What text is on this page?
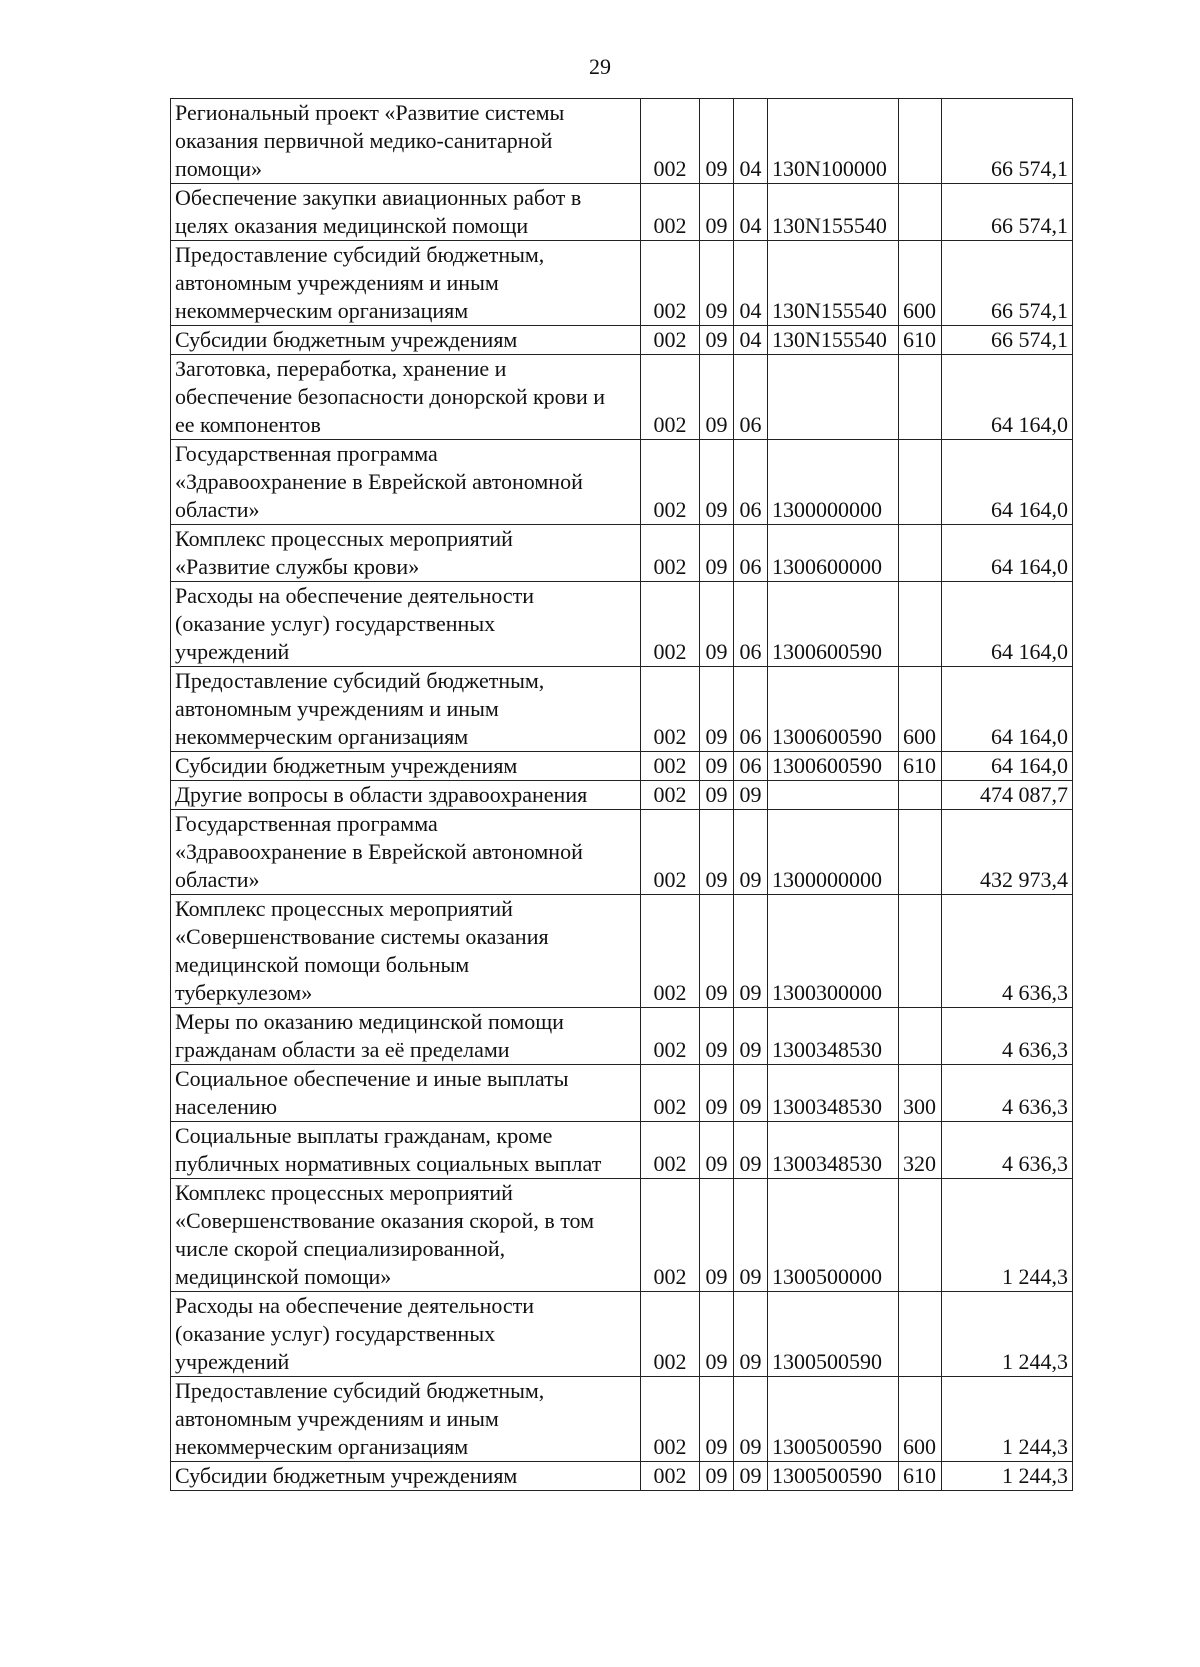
29
Региональный проект «Развитие системы
оказания первичной медико-санитарной
помощи»	002	09	04	130N100000		66 574,1
Обеспечение закупки авиационных работ в
целях оказания медицинской помощи	002	09	04	130N155540		66 574,1
Предоставление субсидий бюджетным,
автономным учреждениям и иным
некоммерческим организациям	002	09	04	130N155540	600	66 574,1
Субсидии бюджетным учреждениям	002	09	04	130N155540	610	66 574,1
Заготовка, переработка, хранение и
обеспечение безопасности донорской крови и
ее компонентов	002	09	06			64 164,0
Государственная программа
«Здравоохранение в Еврейской автономной
области»	002	09	06	1300000000		64 164,0
Комплекс процессных мероприятий
«Развитие службы крови»	002	09	06	1300600000		64 164,0
Расходы на обеспечение деятельности
(оказание услуг) государственных
учреждений	002	09	06	1300600590		64 164,0
Предоставление субсидий бюджетным,
автономным учреждениям и иным
некоммерческим организациям	002	09	06	1300600590	600	64 164,0
Субсидии бюджетным учреждениям	002	09	06	1300600590	610	64 164,0
Другие вопросы в области здравоохранения	002	09	09			474 087,7
Государственная программа
«Здравоохранение в Еврейской автономной
области»	002	09	09	1300000000		432 973,4
Комплекс процессных мероприятий
«Совершенствование системы оказания
медицинской помощи больным
туберкулезом»	002	09	09	1300300000		4 636,3
Меры по оказанию медицинской помощи
гражданам области за её пределами	002	09	09	1300348530		4 636,3
Социальное обеспечение и иные выплаты
населению	002	09	09	1300348530	300	4 636,3
Социальные выплаты гражданам, кроме
публичных нормативных социальных выплат	002	09	09	1300348530	320	4 636,3
Комплекс процессных мероприятий
«Совершенствование оказания скорой, в том
числе скорой специализированной,
медицинской помощи»	002	09	09	1300500000		1 244,3
Расходы на обеспечение деятельности
(оказание услуг) государственных
учреждений	002	09	09	1300500590		1 244,3
Предоставление субсидий бюджетным,
автономным учреждениям и иным
некоммерческим организациям	002	09	09	1300500590	600	1 244,3
Субсидии бюджетным учреждениям	002	09	09	1300500590	610	1 244,3
